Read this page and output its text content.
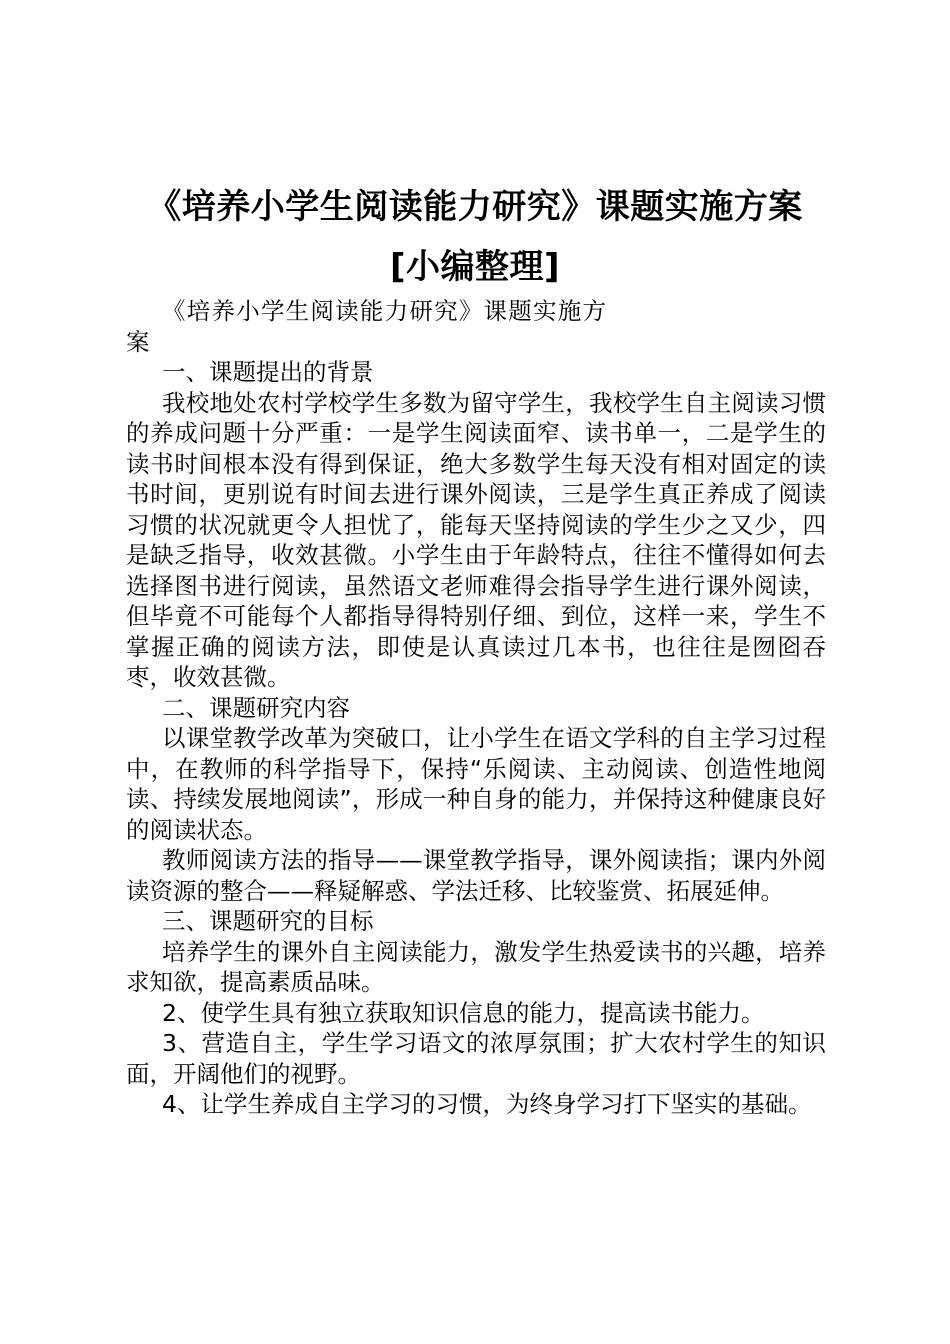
《培养小学生阅读能力研究》课题实施方案
[小编整理]

《培养小学生阅读能力研究》课题实施方案

一、课题提出的背景

我校地处农村学校学生多数为留守学生，我校学生自主阅读习惯的养成问题十分严重：一是学生阅读面窄、读书单一，二是学生的读书时间根本没有得到保证，绝大多数学生每天没有相对固定的读书时间，更别说有时间去进行课外阅读，三是学生真正养成了阅读习惯的状况就更令人担忧了，能每天坚持阅读的学生少之又少，四是缺乏指导，收效甚微。小学生由于年龄特点，往往不懂得如何去选择图书进行阅读，虽然语文老师难得会指导学生进行课外阅读，但毕竟不可能每个人都指导得特别仔细、到位，这样一来，学生不掌握正确的阅读方法，即使是认真读过几本书，也往往是囫囵吞枣，收效甚微。

二、课题研究内容

以课堂教学改革为突破口，让小学生在语文学科的自主学习过程中，在教师的科学指导下，保持“乐阅读、主动阅读、创造性地阅读、持续发展地阅读”，形成一种自身的能力，并保持这种健康良好的阅读状态。

教师阅读方法的指导——课堂教学指导，课外阅读指；课内外阅读资源的整合——释疑解惑、学法迁移、比较鉴赏、拓展延伸。

三、课题研究的目标

培养学生的课外自主阅读能力，激发学生热爱读书的兴趣，培养求知欲，提高素质品味。

2、使学生具有独立获取知识信息的能力，提高读书能力。

3、营造自主，学生学习语文的浓厚氛围；扩大农村学生的知识面，开阔他们的视野。

4、让学生养成自主学习的习惯，为终身学习打下坚实的基础。
